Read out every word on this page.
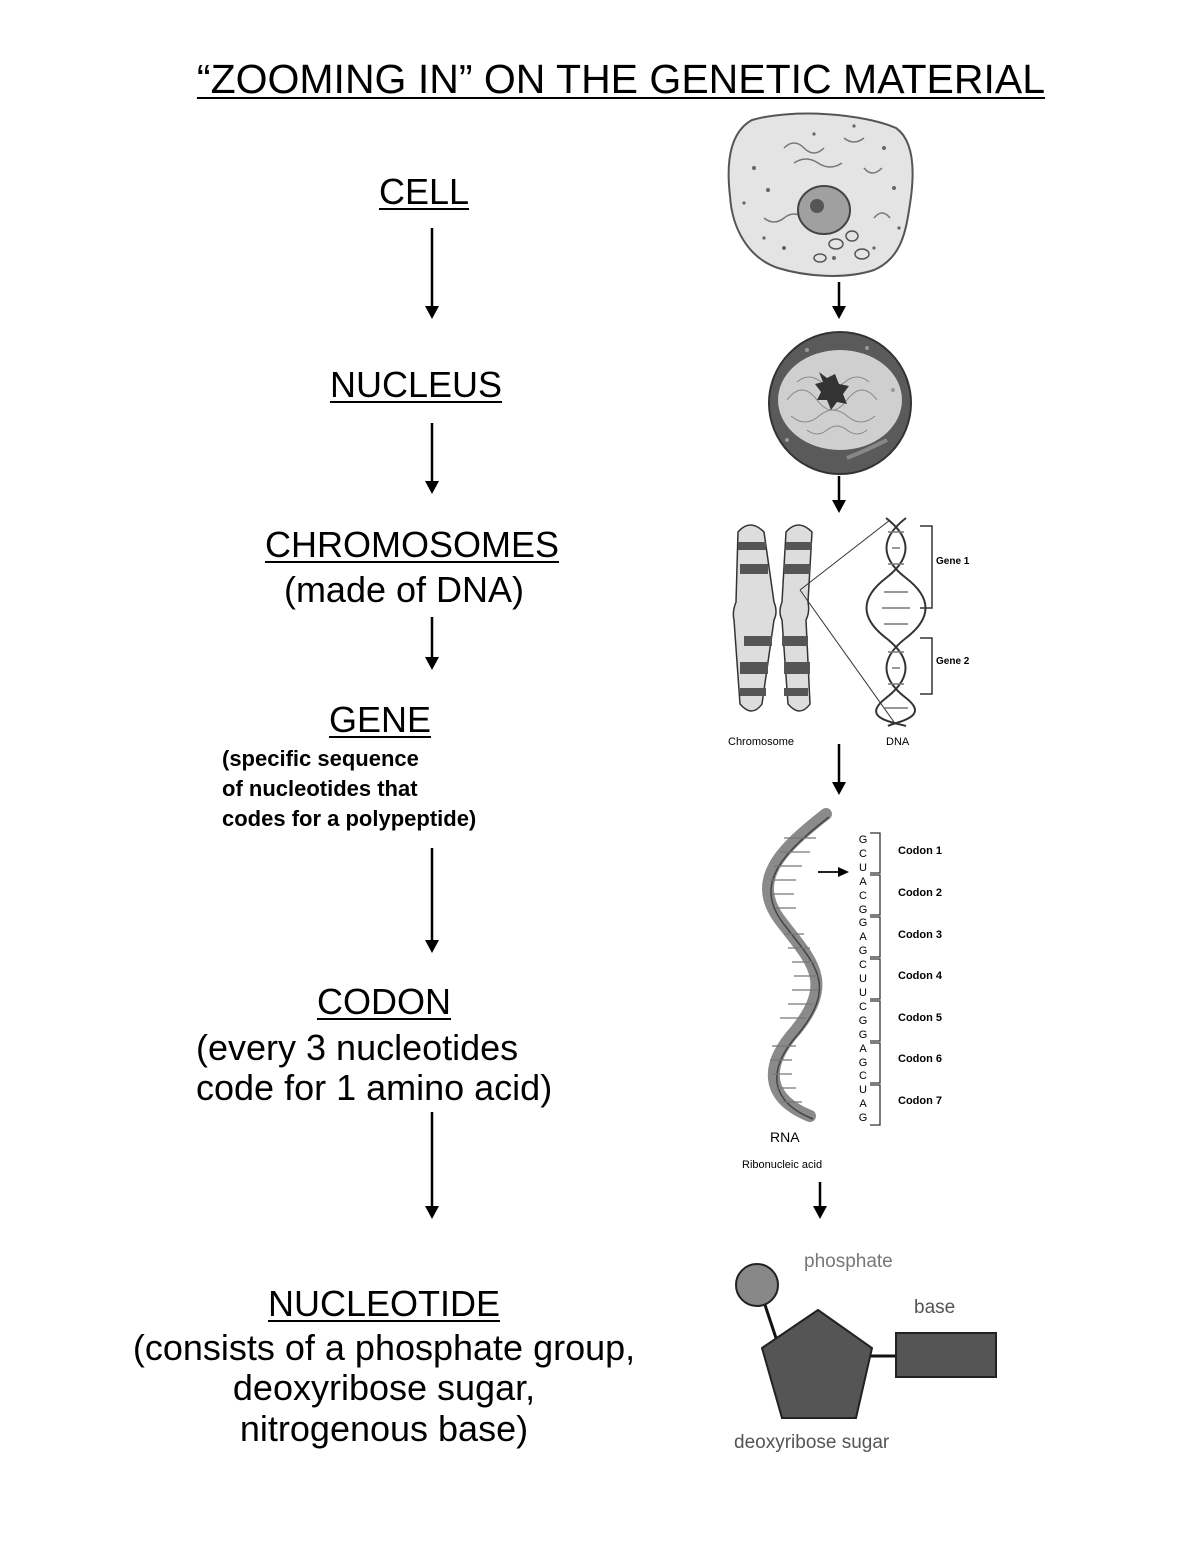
“ZOOMING IN” ON THE GENETIC MATERIAL
CELL
NUCLEUS
CHROMOSOMES
(made of DNA)
GENE
(specific sequence
of nucleotides that
codes for a polypeptide)
CODON
(every 3 nucleotides
code for 1 amino acid)
NUCLEOTIDE
(consists of a phosphate group,
deoxyribose sugar,
nitrogenous base)
Gene 1
Gene 2
Chromosome	DNA
G
C
U
A
C
G
G
A
G
C
U
U
C
G
G
A
G
C
U
A
G
Codon 1
Codon 2
Codon 3
Codon 4
Codon 5
Codon 6
Codon 7
RNA
Ribonucleic acid
phosphate
base
deoxyribose sugar
